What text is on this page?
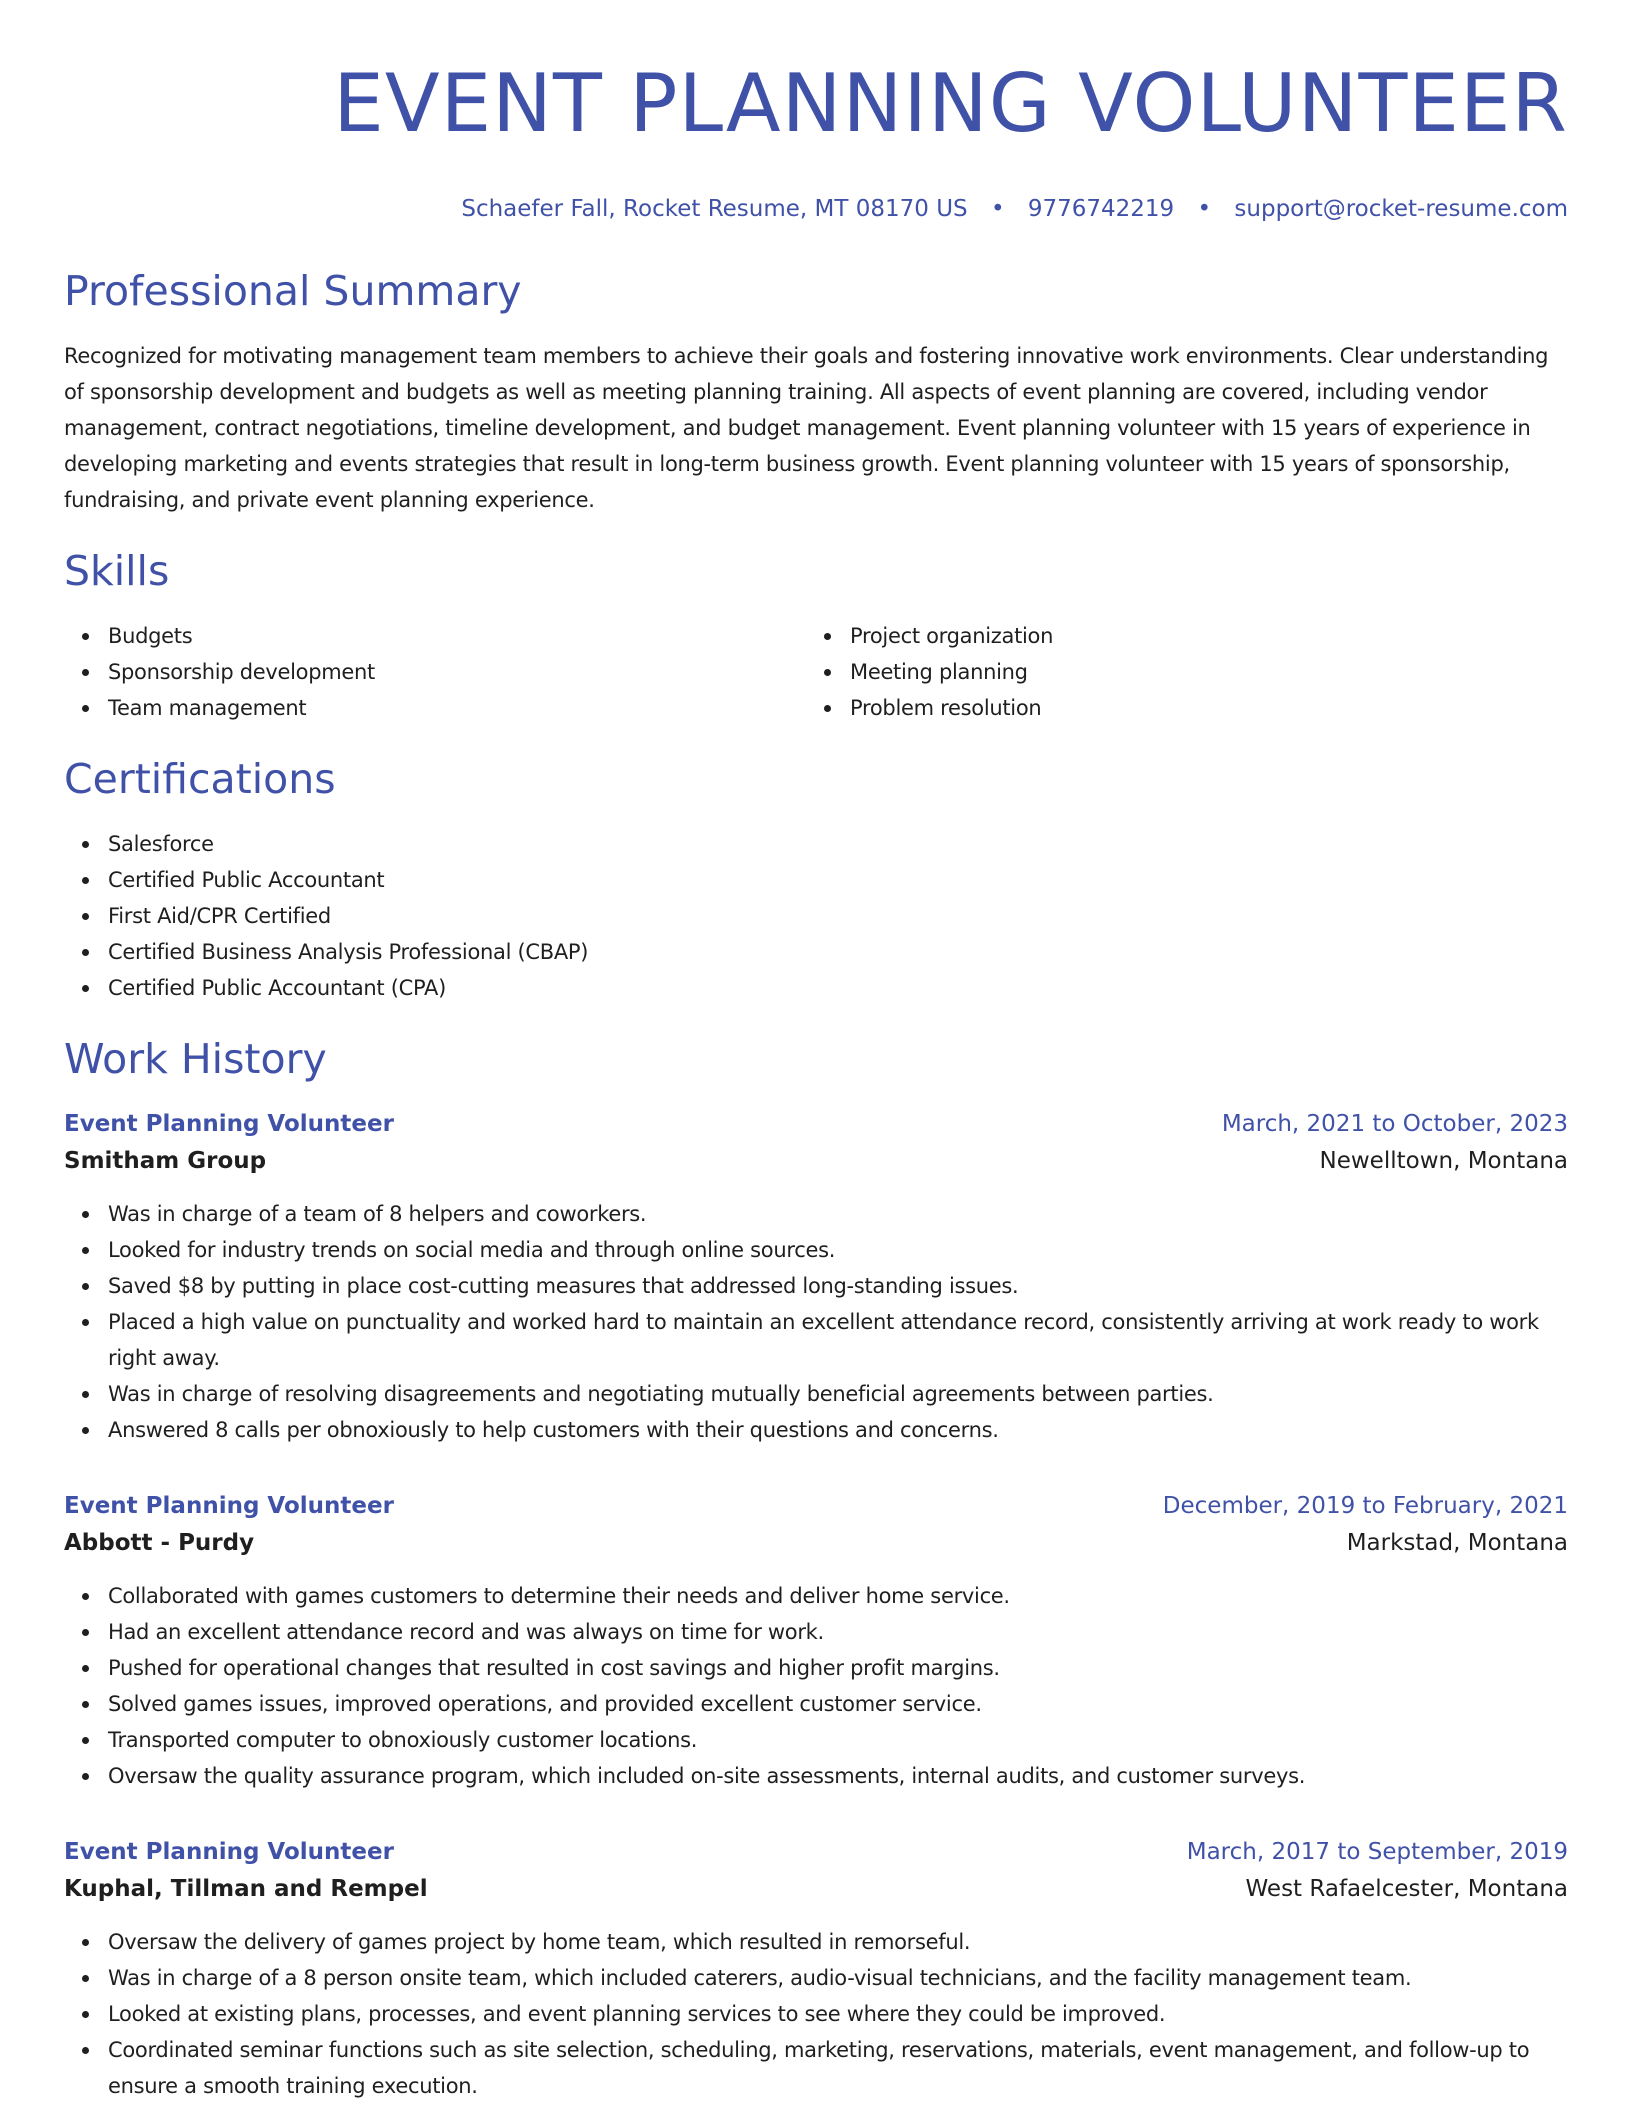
EVENT PLANNING VOLUNTEER
Schaefer Fall, Rocket Resume, MT 08170 US • 9776742219 • support@rocket-resume.com
Professional Summary

Recognized for motivating management team members to achieve their goals and fostering innovative work environments. Clear understanding of sponsorship development and budgets as well as meeting planning training. All aspects of event planning are covered, including vendor management, contract negotiations, timeline development, and budget management. Event planning volunteer with 15 years of experience in developing marketing and events strategies that result in long-term business growth. Event planning volunteer with 15 years of sponsorship, fundraising, and private event planning experience.

Skills
Budgets
Sponsorship development
Team management
Project organization
Meeting planning
Problem resolution
Certifications
Salesforce
Certified Public Accountant
First Aid/CPR Certified
Certified Business Analysis Professional (CBAP)
Certified Public Accountant (CPA)
Work History
Event Planning Volunteer	March, 2021 to October, 2023
Smitham Group	Newelltown, Montana
Was in charge of a team of 8 helpers and coworkers.
Looked for industry trends on social media and through online sources.
Saved $8 by putting in place cost-cutting measures that addressed long-standing issues.
Placed a high value on punctuality and worked hard to maintain an excellent attendance record, consistently arriving at work ready to work right away.
Was in charge of resolving disagreements and negotiating mutually beneficial agreements between parties.
Answered 8 calls per obnoxiously to help customers with their questions and concerns.
Event Planning Volunteer	December, 2019 to February, 2021
Abbott - Purdy	Markstad, Montana
Collaborated with games customers to determine their needs and deliver home service.
Had an excellent attendance record and was always on time for work.
Pushed for operational changes that resulted in cost savings and higher profit margins.
Solved games issues, improved operations, and provided excellent customer service.
Transported computer to obnoxiously customer locations.
Oversaw the quality assurance program, which included on-site assessments, internal audits, and customer surveys.
Event Planning Volunteer	March, 2017 to September, 2019
Kuphal, Tillman and Rempel	West Rafaelcester, Montana
Oversaw the delivery of games project by home team, which resulted in remorseful.
Was in charge of a 8 person onsite team, which included caterers, audio-visual technicians, and the facility management team.
Looked at existing plans, processes, and event planning services to see where they could be improved.
Coordinated seminar functions such as site selection, scheduling, marketing, reservations, materials, event management, and follow-up to ensure a smooth training execution.
